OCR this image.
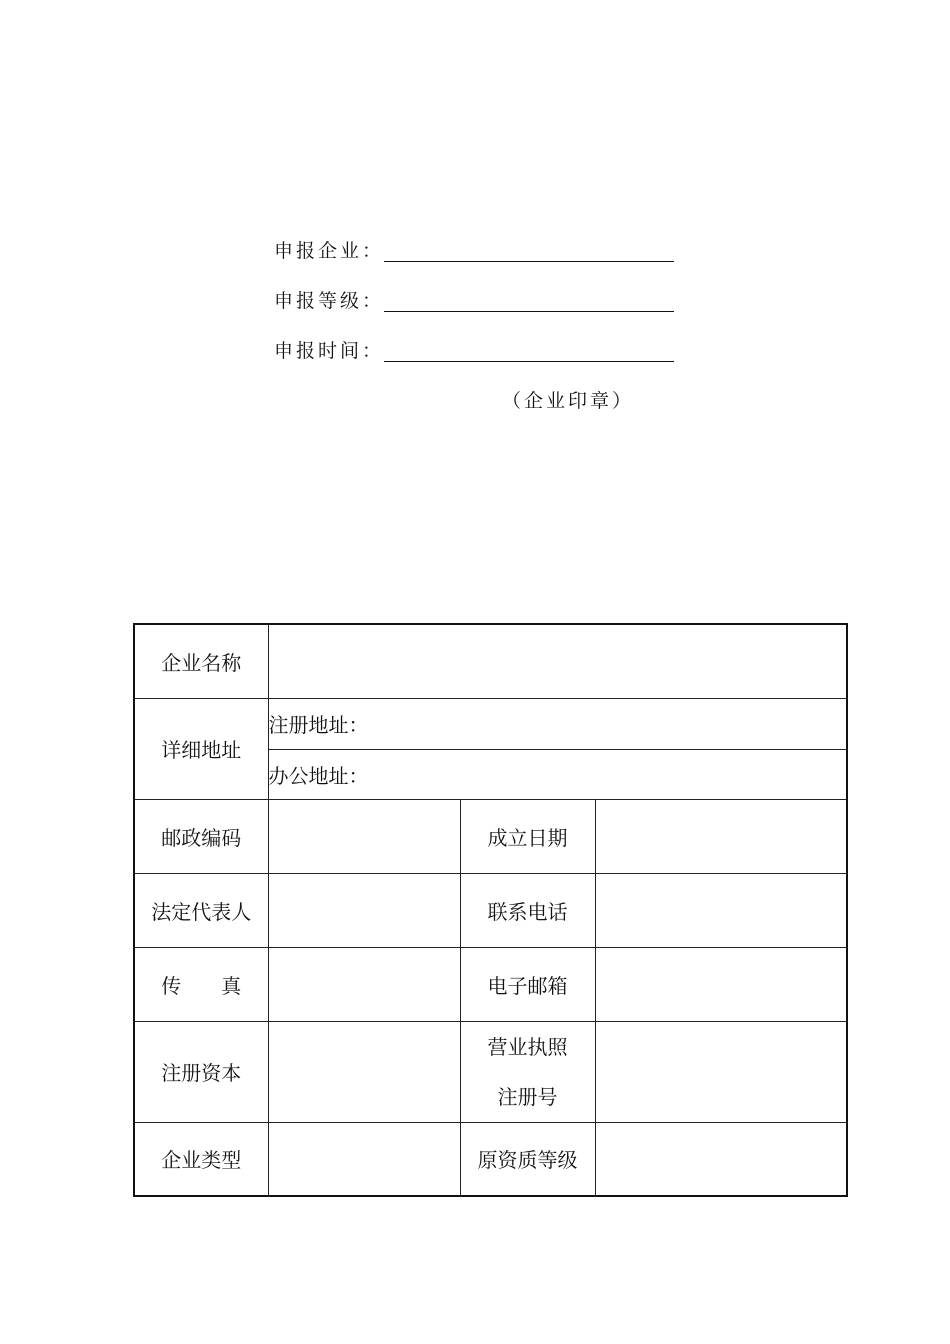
申报企业：
申报等级：
申报时间：
（企业印章）
企业名称			
详细地址	注册地址：		
	办公地址：		
邮政编码		成立日期	
法定代表人		联系电话	
传 真		电子邮箱	
注册资本		营业执照
注册号	
企业类型		原资质等级	
